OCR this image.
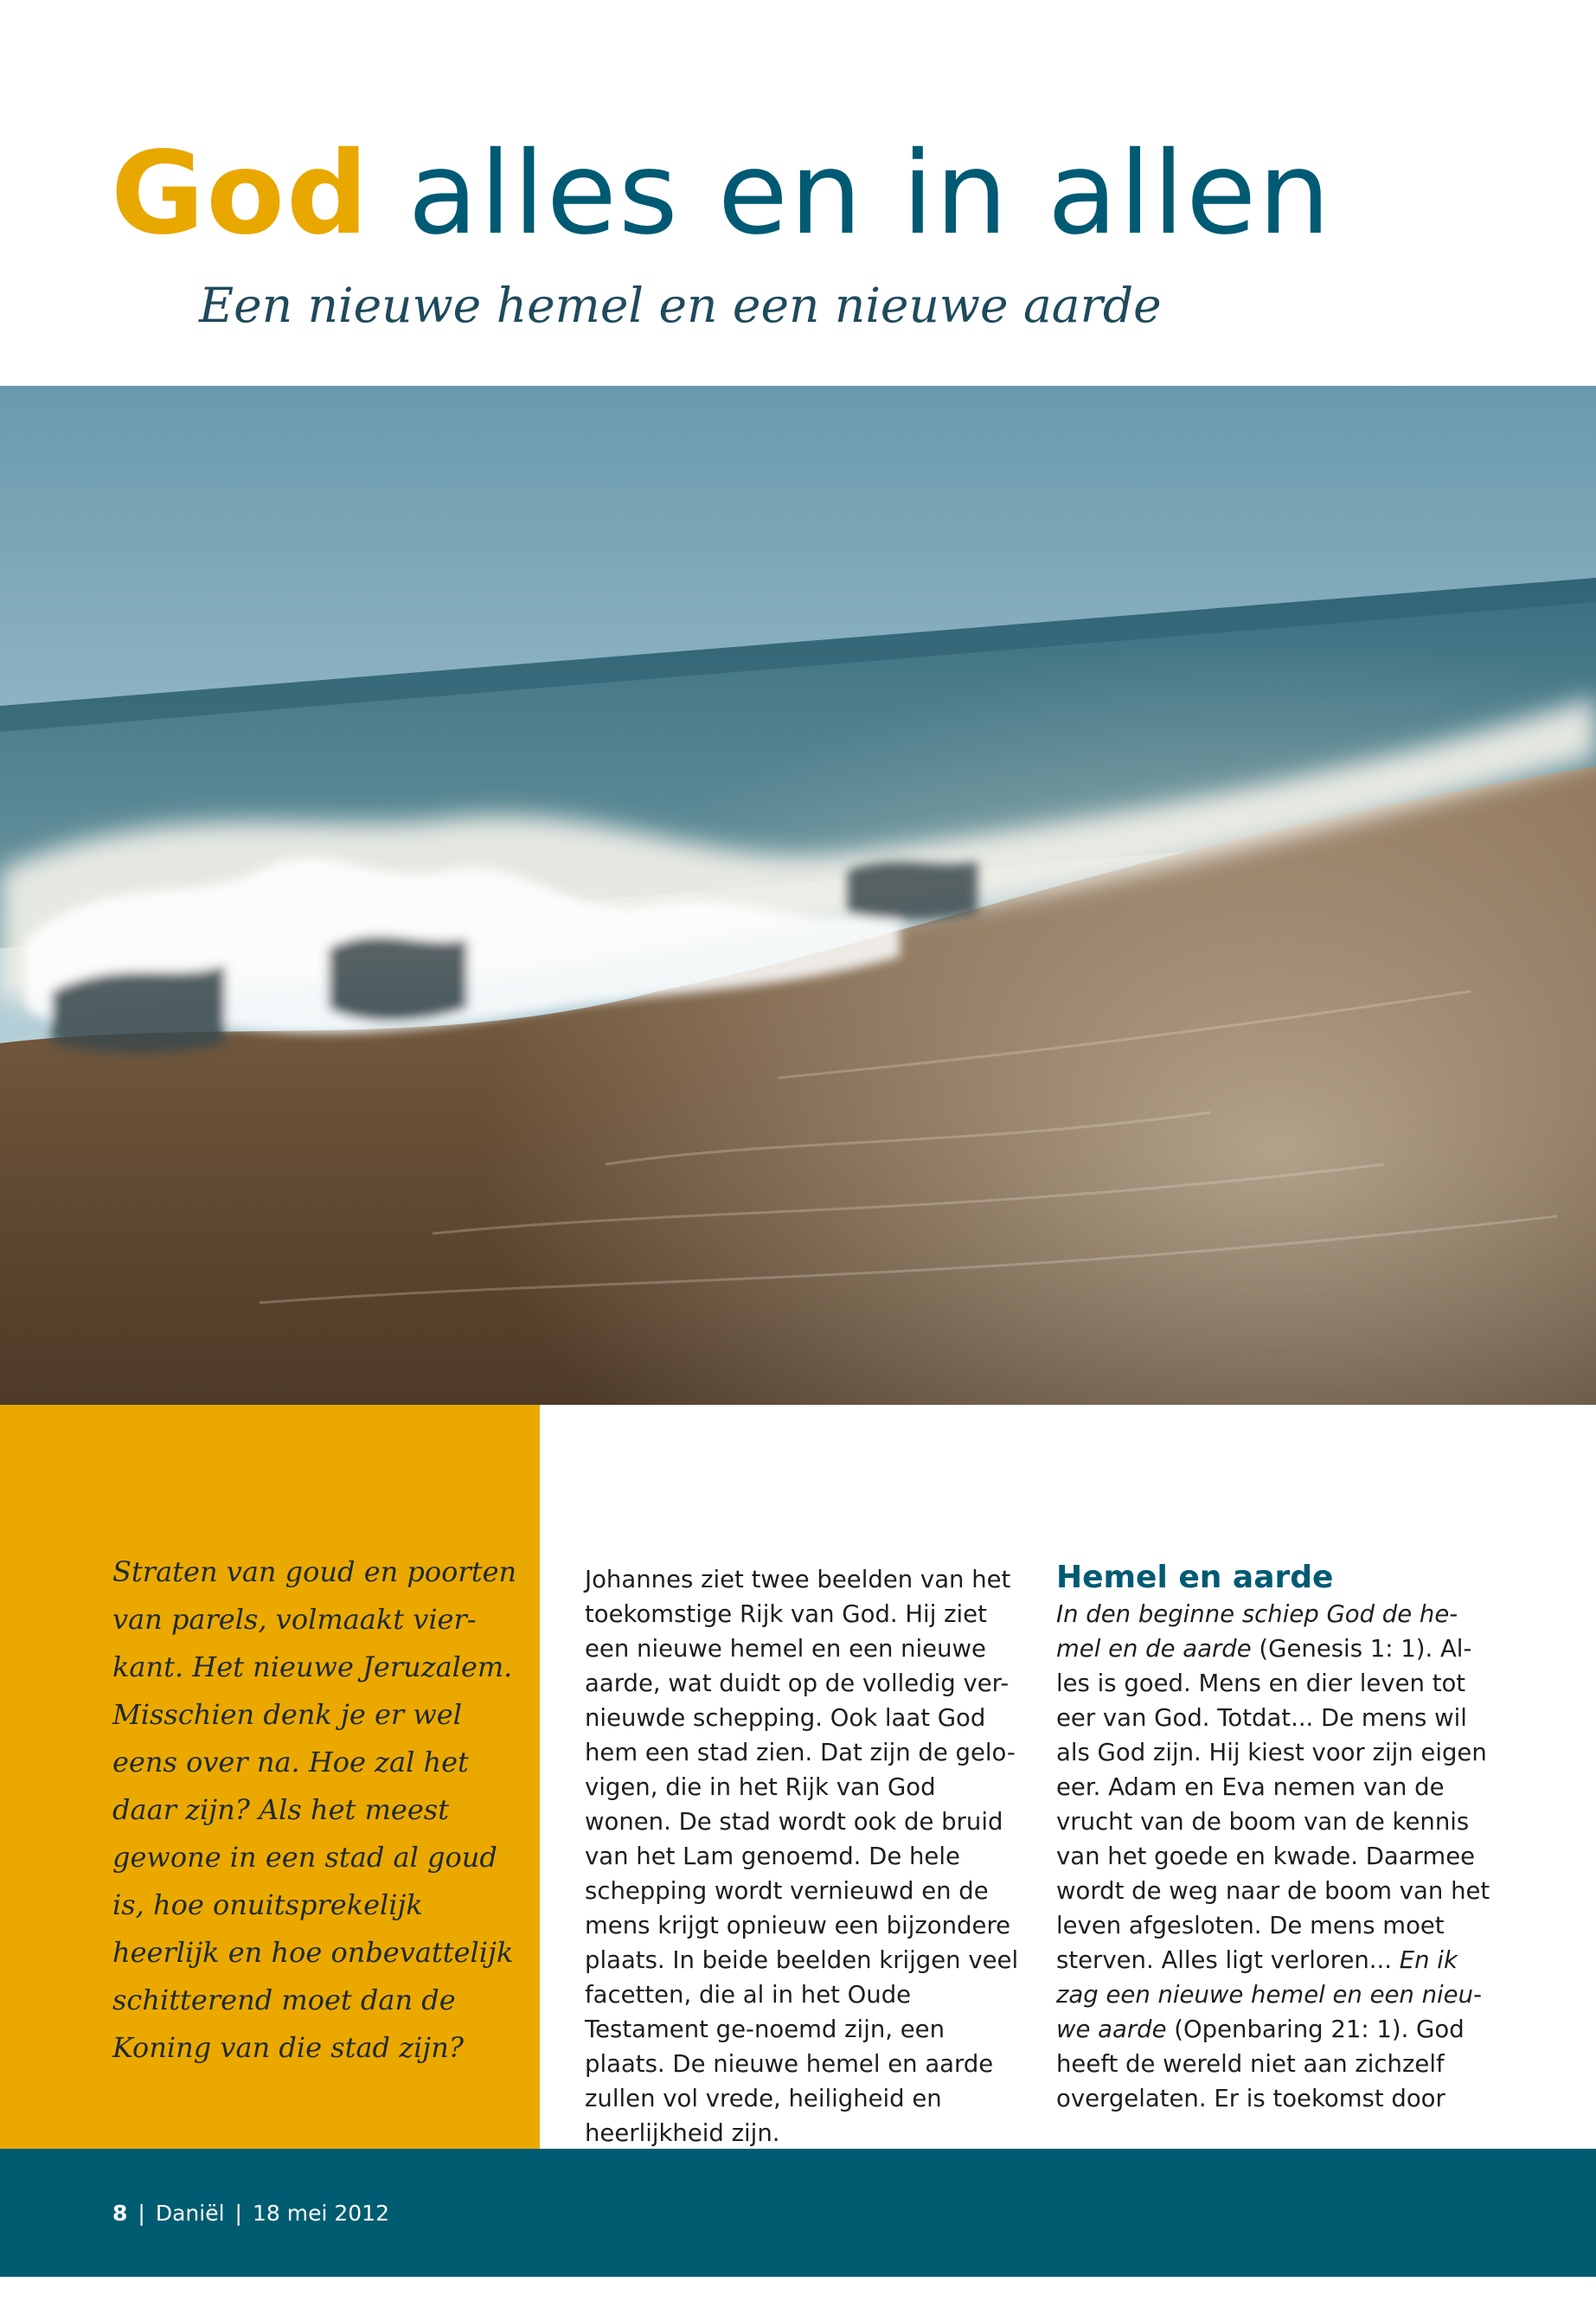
God alles en in allen

Een nieuwe hemel en een nieuwe aarde

Straten van goud en poorten van parels, volmaakt vier-kant. Het nieuwe Jeruzalem. Misschien denk je er wel eens over na. Hoe zal het daar zijn? Als het meest gewone in een stad al goud is, hoe onuitsprekelijk heerlijk en hoe onbevattelijk schitterend moet dan de Koning van die stad zijn?

Johannes ziet twee beelden van het toekomstige Rijk van God. Hij ziet een nieuwe hemel en een nieuwe aarde, wat duidt op de volledig ver-nieuwde schepping. Ook laat God hem een stad zien. Dat zijn de gelo-vigen, die in het Rijk van God wonen. De stad wordt ook de bruid van het Lam genoemd. De hele schepping wordt vernieuwd en de mens krijgt opnieuw een bijzondere plaats. In beide beelden krijgen veel facetten, die al in het Oude Testament ge-noemd zijn, een plaats. De nieuwe hemel en aarde zullen vol vrede, heiligheid en heerlijkheid zijn.

Hemel en aarde

In den beginne schiep God de he-mel en de aarde (Genesis 1: 1). Al-les is goed. Mens en dier leven tot eer van God. Totdat... De mens wil als God zijn. Hij kiest voor zijn eigen eer. Adam en Eva nemen van de vrucht van de boom van de kennis van het goede en kwade. Daarmee wordt de weg naar de boom van het leven afgesloten. De mens moet sterven. Alles ligt verloren... En ik zag een nieuwe hemel en een nieu-we aarde (Openbaring 21: 1). God heeft de wereld niet aan zichzelf overgelaten. Er is toekomst door

8 | Daniël | 18 mei 2012
